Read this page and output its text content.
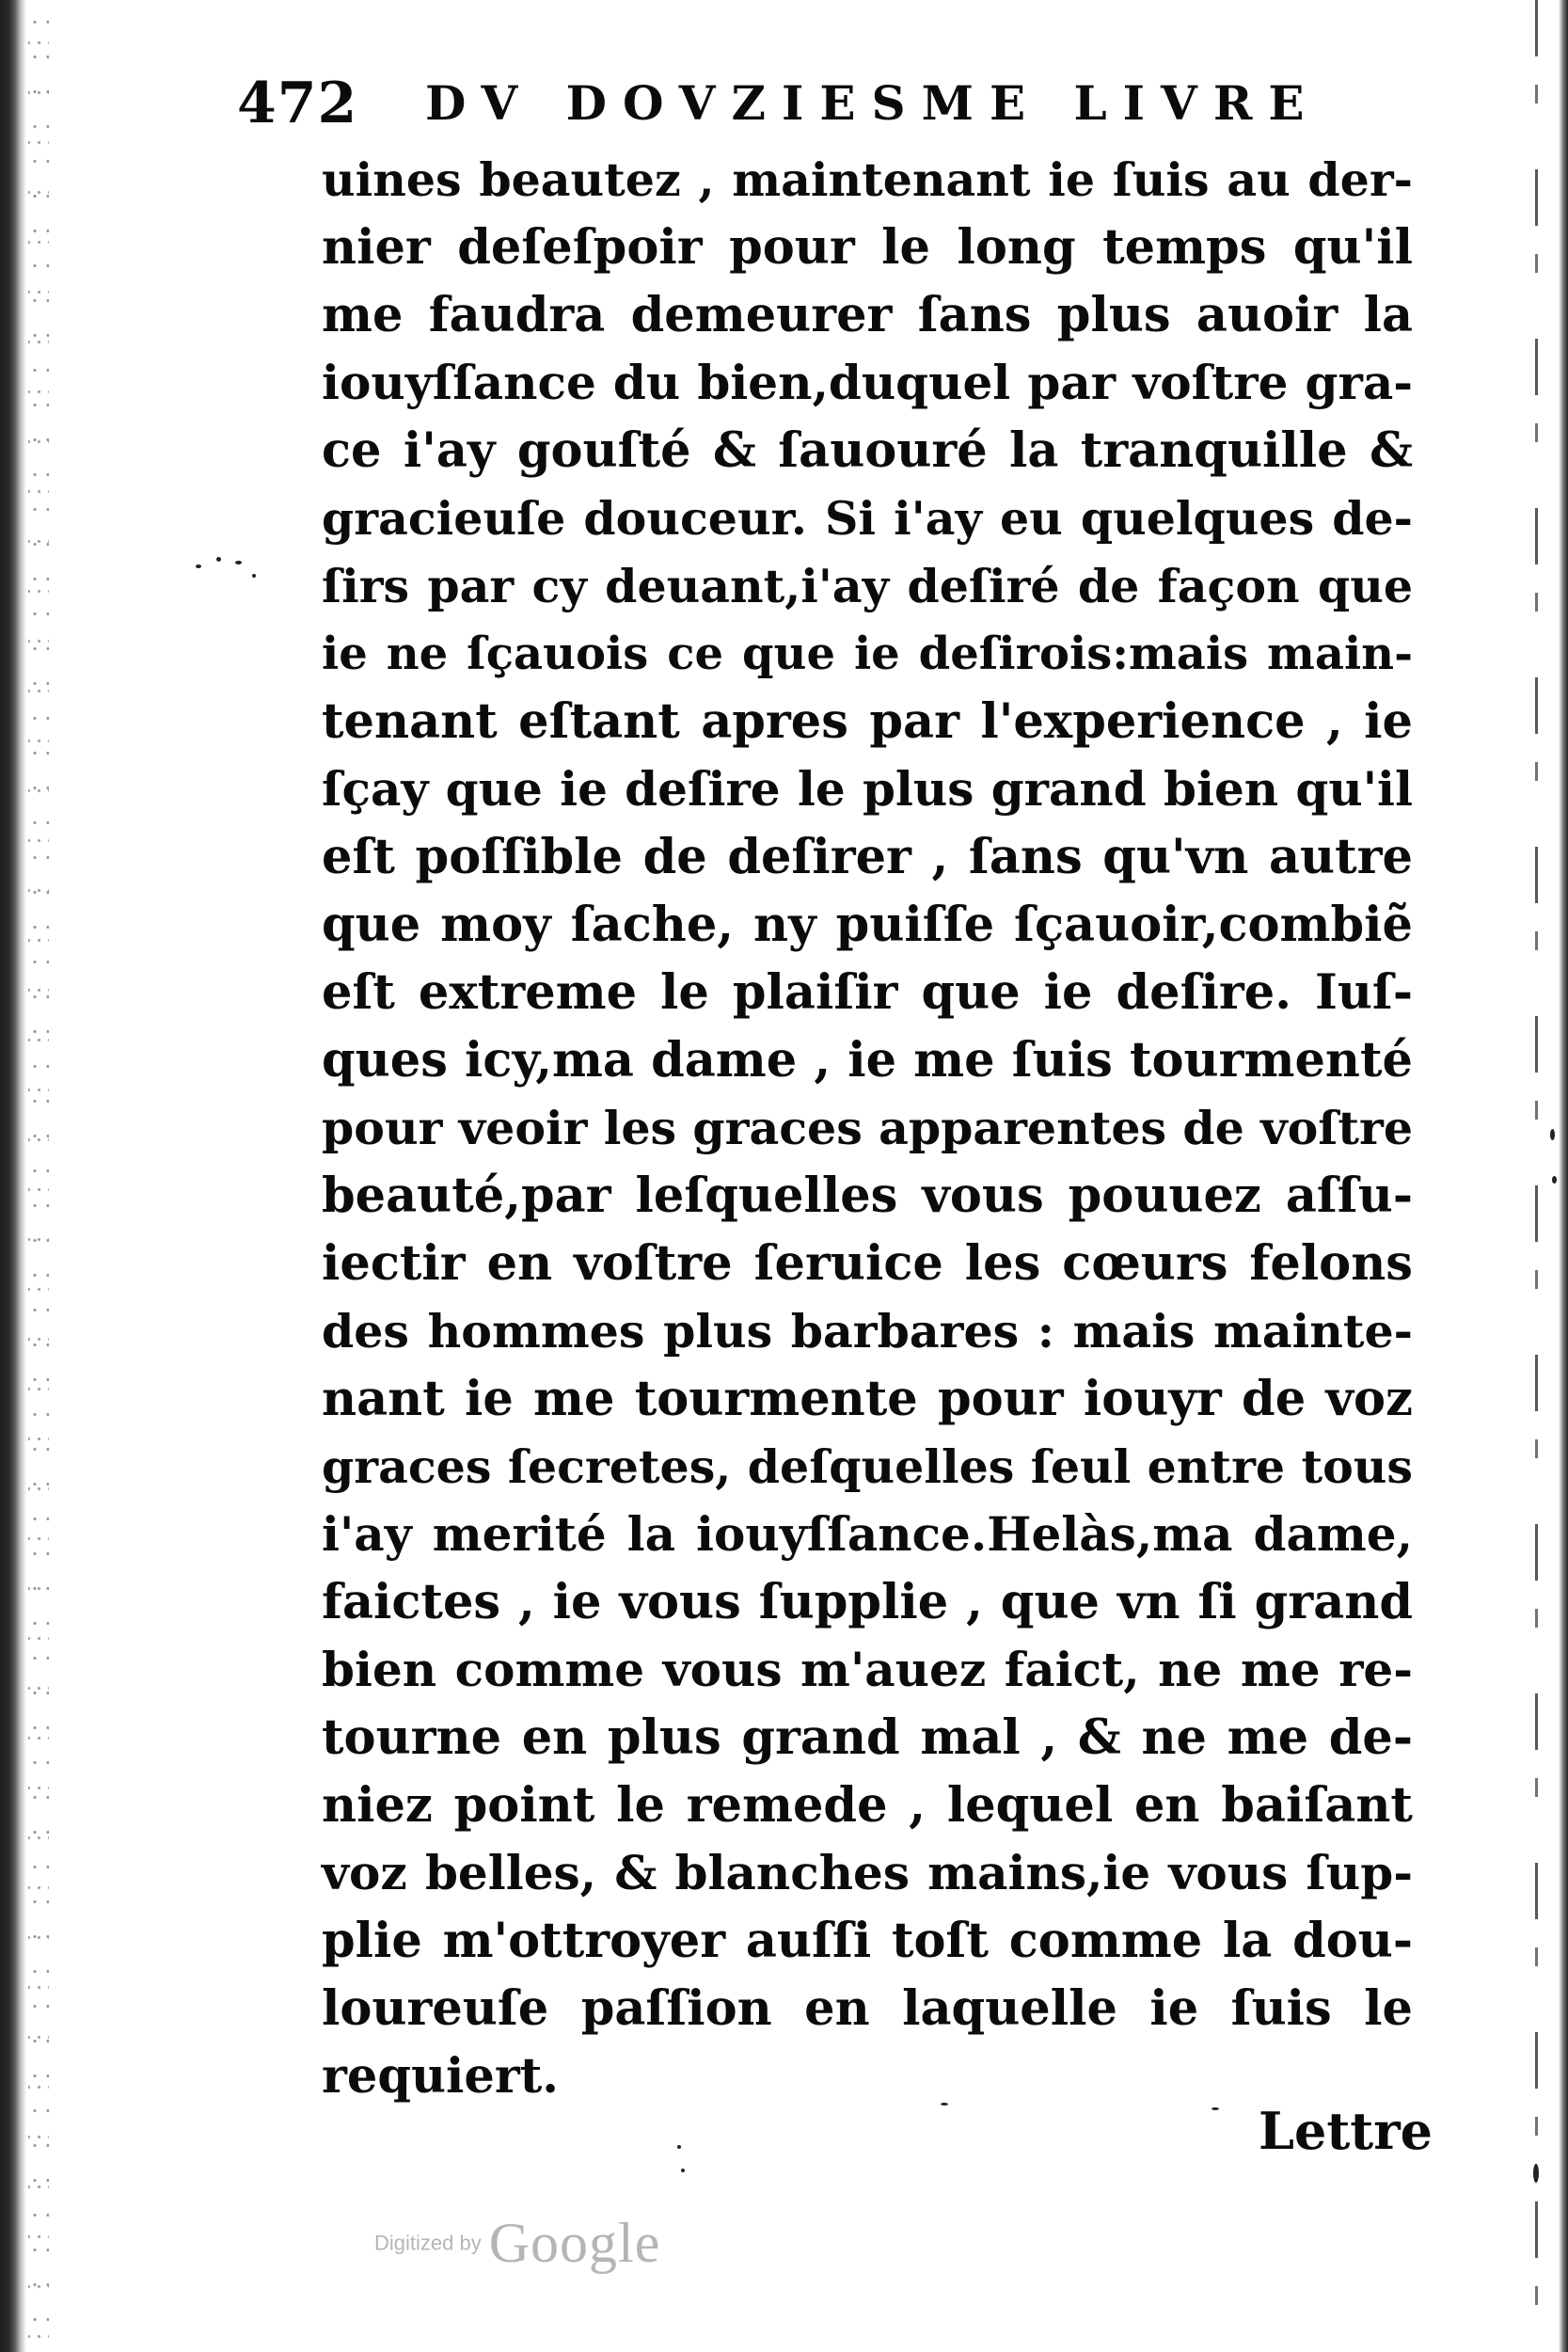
472 DV DOVZIESME LIVRE
uines beautez , maintenant ie ſuis au der-
nier deſeſpoir pour le long temps qu'il
me faudra demeurer ſans plus auoir la
iouyſſance du bien,duquel par voſtre gra-
ce i'ay gouſté & ſauouré la tranquille &
gracieuſe douceur. Si i'ay eu quelques de-
ſirs par cy deuant,i'ay deſiré de façon que
ie ne ſçauois ce que ie deſirois:mais main-
tenant eſtant apres par l'experience , ie
ſçay que ie deſire le plus grand bien qu'il
eſt poſſible de deſirer , ſans qu'vn autre
que moy ſache, ny puiſſe ſçauoir,combiẽ
eſt extreme le plaiſir que ie deſire. Iuſ-
ques icy,ma dame , ie me ſuis tourmenté
pour veoir les graces apparentes de voſtre
beauté,par leſquelles vous pouuez aſſu-
iectir en voſtre ſeruice les cœurs felons
des hommes plus barbares : mais mainte-
nant ie me tourmente pour iouyr de voz
graces ſecretes, deſquelles ſeul entre tous
i'ay merité la iouyſſance.Helàs,ma dame,
faictes , ie vous ſupplie , que vn ſi grand
bien comme vous m'auez faict, ne me re-
tourne en plus grand mal , & ne me de-
niez point le remede , lequel en baiſant
voz belles, & blanches mains,ie vous ſup-
plie m'ottroyer auſſi toſt comme la dou-
loureuſe paſſion en laquelle ie ſuis le
requiert.
Lettre
Digitized by Google
